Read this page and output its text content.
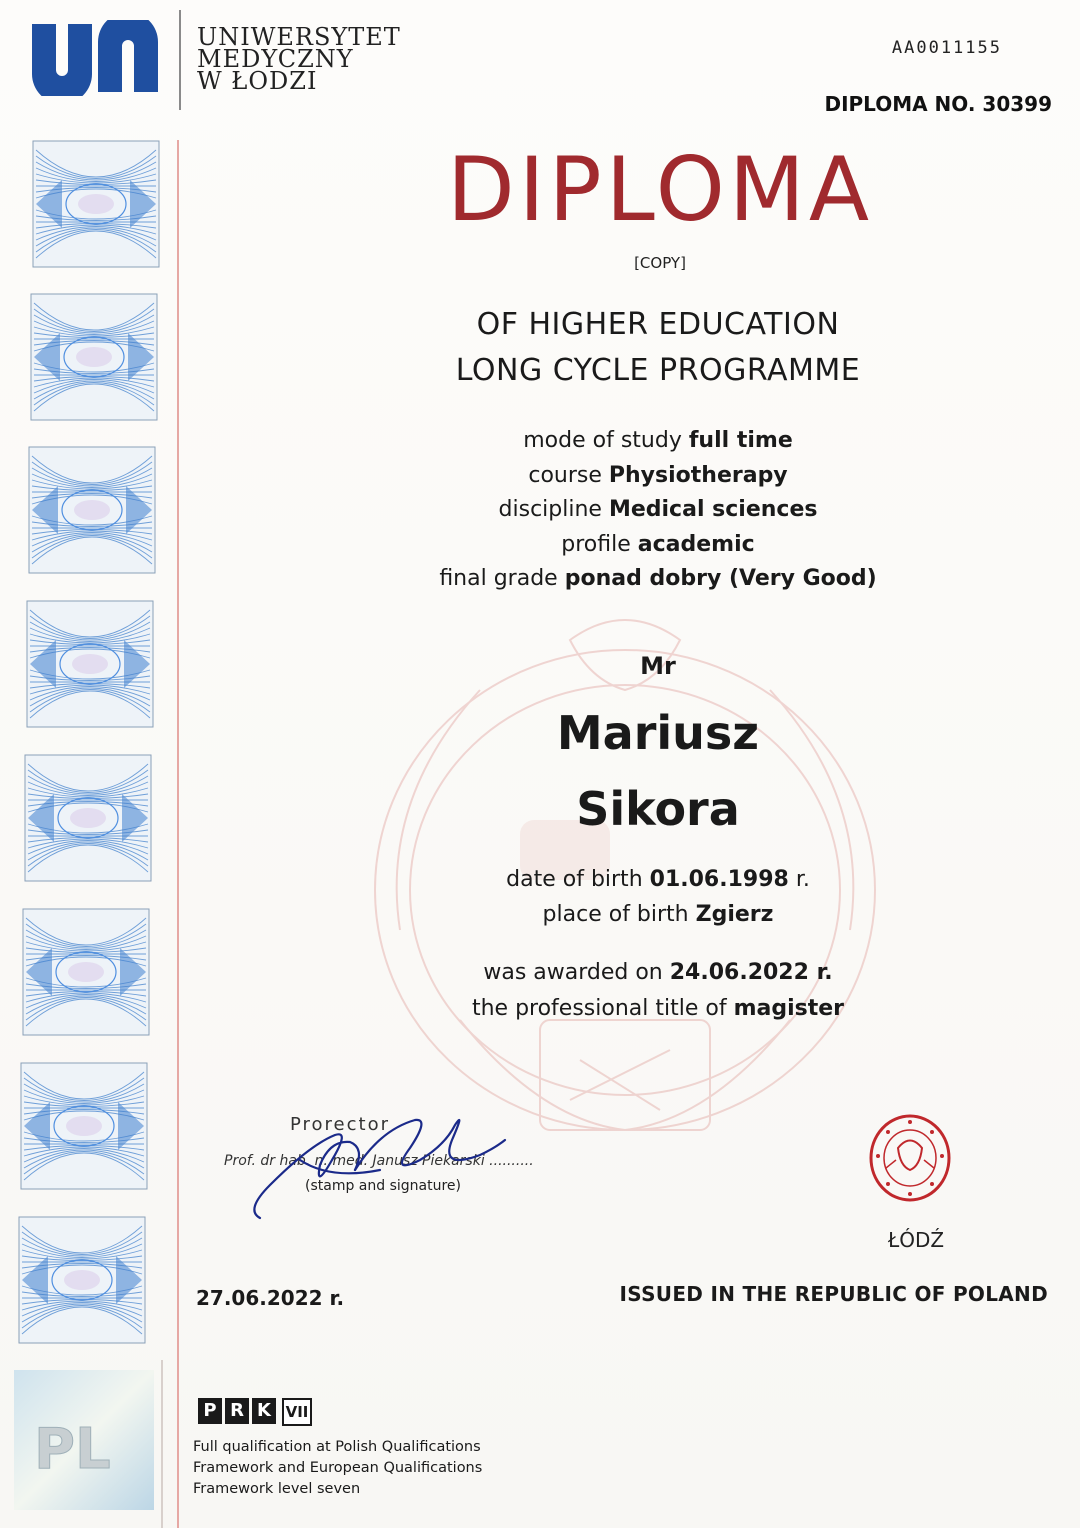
UNIWERSYTET
MEDYCZNY
W ŁODZI
AA0011155
DIPLOMA NO. 30399
DIPLOMA
[COPY]
OF HIGHER EDUCATION
LONG CYCLE PROGRAMME
mode of study full time
course Physiotherapy
discipline Medical sciences
profile academic
final grade ponad dobry (Very Good)
Mr
Mariusz
Sikora
date of birth 01.06.1998 r.
place of birth Zgierz
was awarded on 24.06.2022 r.
the professional title of magister
Prorector
Prof. dr hab. n. med. Janusz Piekarski ..........
(stamp and signature)
ŁÓDŹ
27.06.2022 r.	ISSUED IN THE REPUBLIC OF POLAND
P R K VII
Full qualification at Polish Qualifications
Framework and European Qualifications
Framework level seven
PL
